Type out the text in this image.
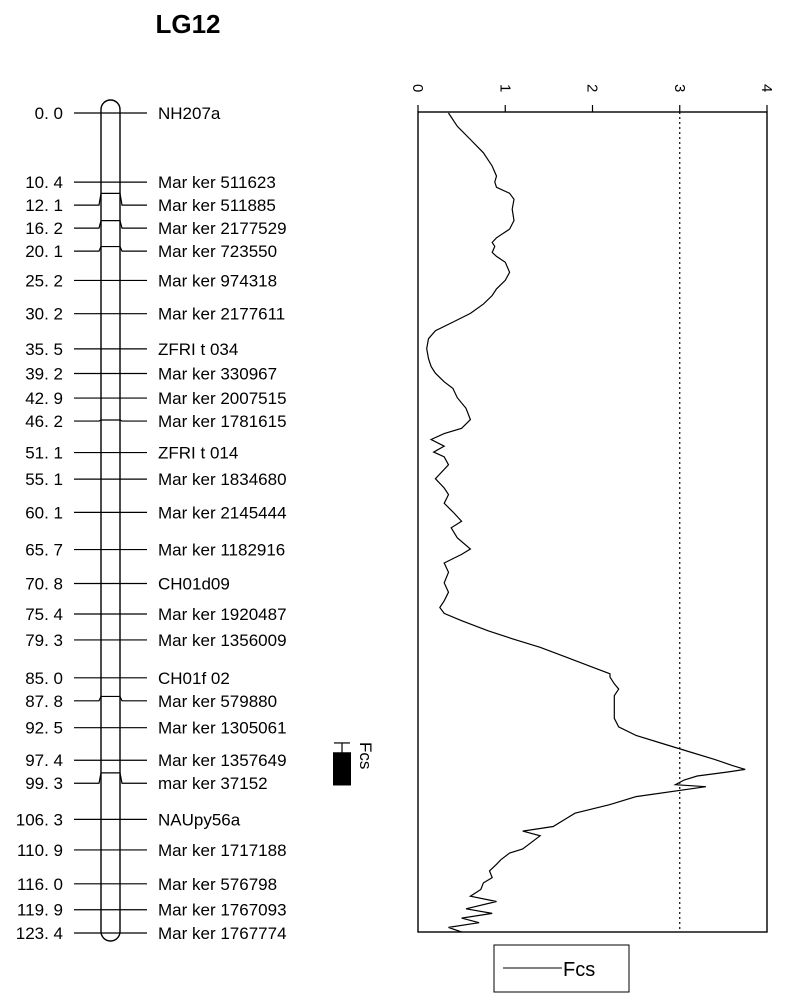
LG12
0. 0	NH207a
10. 4	Mar ker 511623
12. 1	Mar ker 511885
16. 2	Mar ker 2177529
20. 1	Mar ker 723550
25. 2	Mar ker 974318
30. 2	Mar ker 2177611
35. 5	ZFRI t 034
39. 2	Mar ker 330967
42. 9	Mar ker 2007515
46. 2	Mar ker 1781615
51. 1	ZFRI t 014
55. 1	Mar ker 1834680
60. 1	Mar ker 2145444
65. 7	Mar ker 1182916
70. 8	CH01d09
75. 4	Mar ker 1920487
79. 3	Mar ker 1356009
85. 0	CH01f 02
87. 8	Mar ker 579880
92. 5	Mar ker 1305061
97. 4	Mar ker 1357649
99. 3	mar ker 37152
106. 3	NAUpy56a
110. 9	Mar ker 1717188
116. 0	Mar ker 576798
119. 9	Mar ker 1767093
123. 4	Mar ker 1767774
Fcs
0	1	2	3	4
Fcs
